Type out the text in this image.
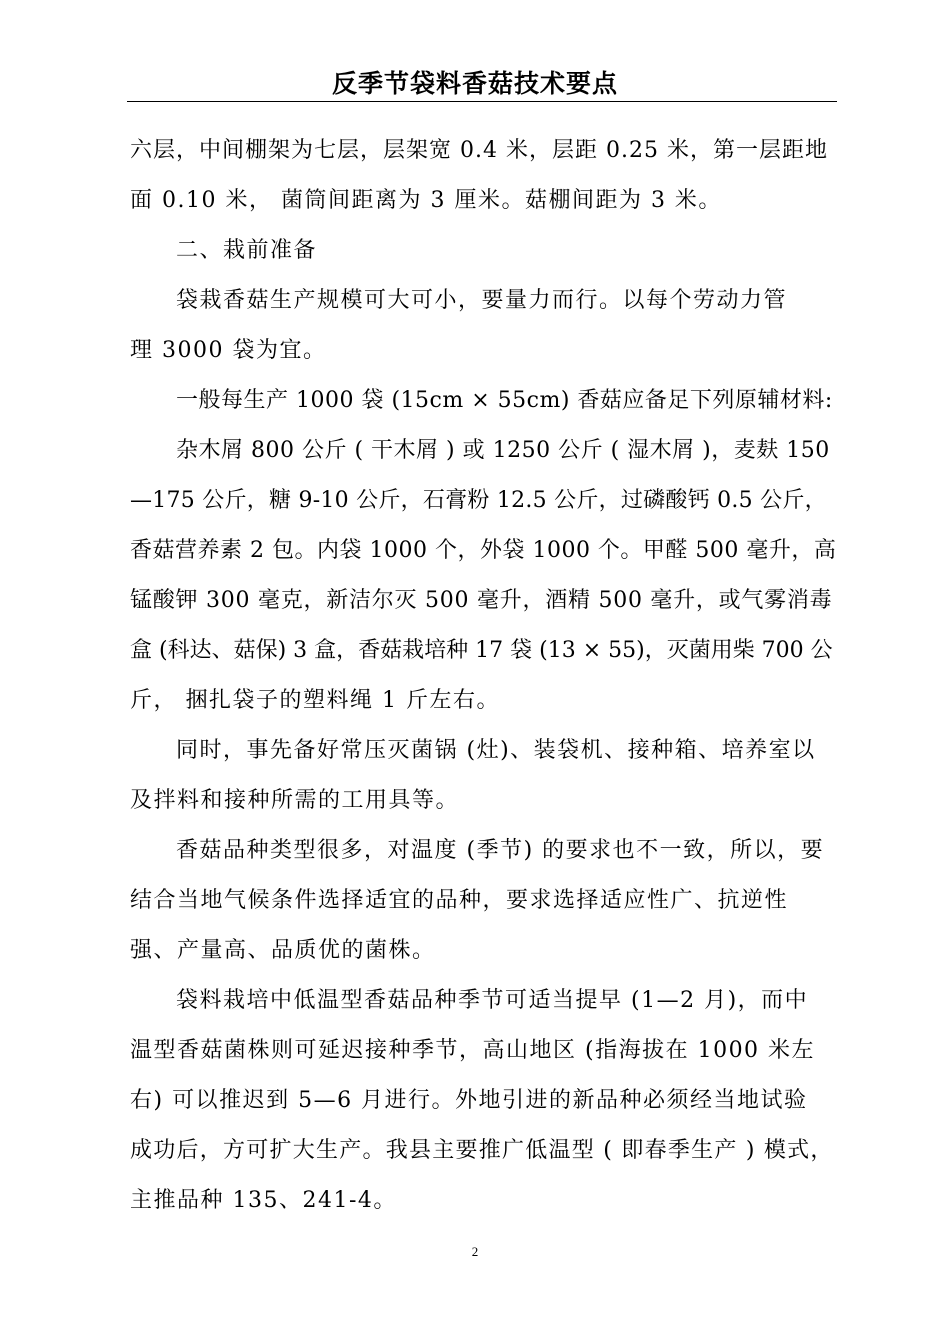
反季节袋料香菇技术要点
六层，中间棚架为七层，层架宽 0.4 米，层距 0.25 米，第一层距地
面 0.10 米， 菌筒间距离为 3 厘米。菇棚间距为 3 米。
二、栽前准备
袋栽香菇生产规模可大可小，要量力而行。以每个劳动力管
理 3000 袋为宜。
一般每生产 1000 袋 (15cm × 55cm) 香菇应备足下列原辅材料:
杂木屑 800 公斤 ( 干木屑 ) 或 1250 公斤 ( 湿木屑 )，麦麸 150
—175 公斤，糖 9-10 公斤，石膏粉 12.5 公斤，过磷酸钙 0.5 公斤，
香菇营养素 2 包。内袋 1000 个，外袋 1000 个。甲醛 500 毫升，高
锰酸钾 300 毫克，新洁尔灭 500 毫升，酒精 500 毫升，或气雾消毒
盒 (科达、菇保) 3 盒，香菇栽培种 17 袋 (13 × 55)，灭菌用柴 700 公
斤， 捆扎袋子的塑料绳 1 斤左右。
同时，事先备好常压灭菌锅 (灶)、装袋机、接种箱、培养室以
及拌料和接种所需的工用具等。
香菇品种类型很多，对温度 (季节) 的要求也不一致，所以，要
结合当地气候条件选择适宜的品种，要求选择适应性广、抗逆性
强、产量高、品质优的菌株。
袋料栽培中低温型香菇品种季节可适当提早 (1—2 月)，而中
温型香菇菌株则可延迟接种季节，高山地区 (指海拔在 1000 米左
右) 可以推迟到 5—6 月进行。外地引进的新品种必须经当地试验
成功后，方可扩大生产。我县主要推广低温型 ( 即春季生产 ) 模式，
主推品种 135、241-4。
2
